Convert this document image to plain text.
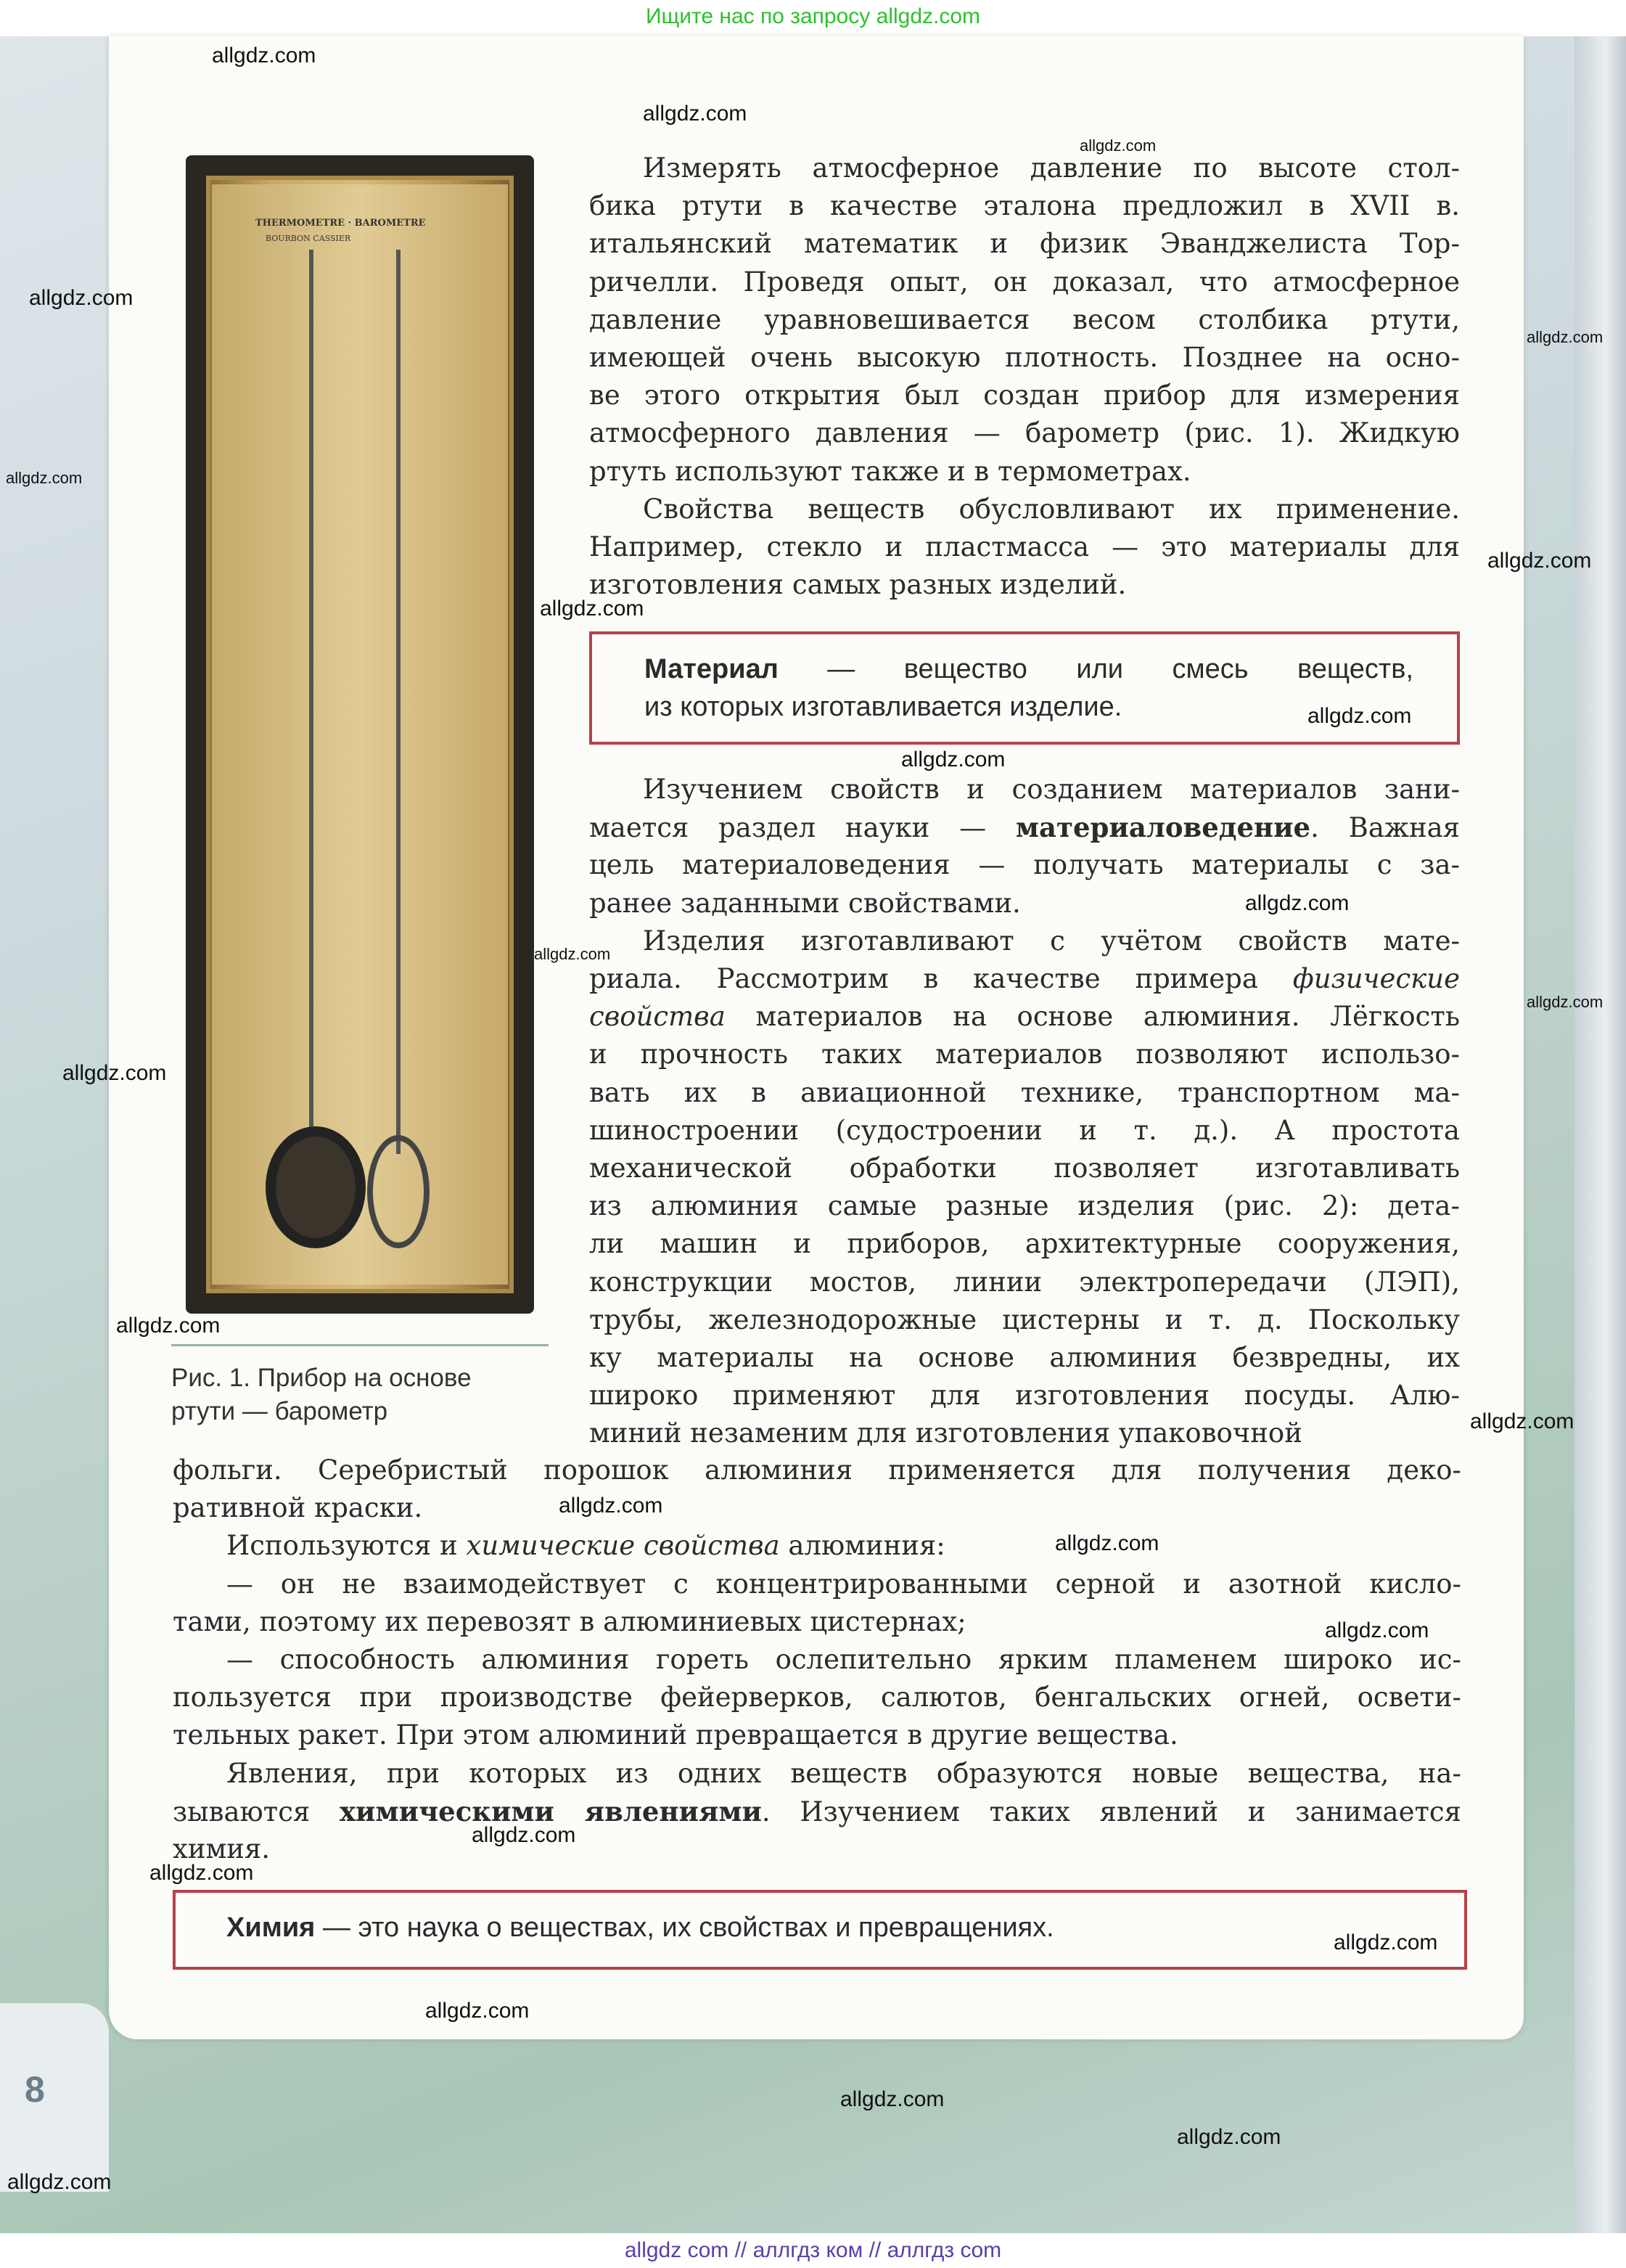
Ищите нас по запросу allgdz.com
8
THERMOMETRE · BAROMETRE
BOURBON CASSIER
Рис. 1. Прибор на основе
ртути — барометр
Материал — вещество или смесь веществ,
из которых изготавливается изделие.
Химия — это наука о веществах, их свойствах и превращениях.
Измерять атмосферное давление по высоте стол-
бика ртути в качестве эталона предложил в XVII в.
итальянский математик и физик Эванджелиста Тор-
ричелли. Проведя опыт, он доказал, что атмосферное
давление уравновешивается весом столбика ртути,
имеющей очень высокую плотность. Позднее на осно-
ве этого открытия был создан прибор для измерения
атмосферного давления — барометр (рис. 1). Жидкую
ртуть используют также и в термометрах.
Свойства веществ обусловливают их применение.
Например, стекло и пластмасса — это материалы для
изготовления самых разных изделий.
Изучением свойств и созданием материалов зани-
мается раздел науки — материаловедение. Важная
цель материаловедения — получать материалы с за-
ранее заданными свойствами.
Изделия изготавливают с учётом свойств мате-
риала. Рассмотрим в качестве примера физические
свойства материалов на основе алюминия. Лёгкость
и прочность таких материалов позволяют использо-
вать их в авиационной технике, транспортном ма-
шиностроении (судостроении и т. д.). А простота
механической обработки позволяет изготавливать
из алюминия самые разные изделия (рис. 2): дета-
ли машин и приборов, архитектурные сооружения,
конструкции мостов, линии электропередачи (ЛЭП),
трубы, железнодорожные цистерны и т. д. Поскольку
ку материалы на основе алюминия безвредны, их
широко применяют для изготовления посуды. Алю-
миний незаменим для изготовления упаковочной
фольги. Серебристый порошок алюминия применяется для получения деко-
ративной краски.
Используются и химические свойства алюминия:
— он не взаимодействует с концентрированными серной и азотной кисло-
тами, поэтому их перевозят в алюминиевых цистернах;
— способность алюминия гореть ослепительно ярким пламенем широко ис-
пользуется при производстве фейерверков, салютов, бенгальских огней, освети-
тельных ракет. При этом алюминий превращается в другие вещества.
Явления, при которых из одних веществ образуются новые вещества, на-
зываются химическими явлениями. Изучением таких явлений и занимается
химия.
allgdz.com
allgdz.com
allgdz.com
allgdz.com
allgdz.com
allgdz.com
allgdz.com
allgdz.com
allgdz.com
allgdz.com
allgdz.com
allgdz.com
allgdz.com
allgdz.com
allgdz.com
allgdz.com
allgdz.com
allgdz.com
allgdz.com
allgdz.com
allgdz.com
allgdz.com
allgdz.com
allgdz.com
allgdz.com
allgdz.com
allgdz com // аллгдз ком // аллгдз com
